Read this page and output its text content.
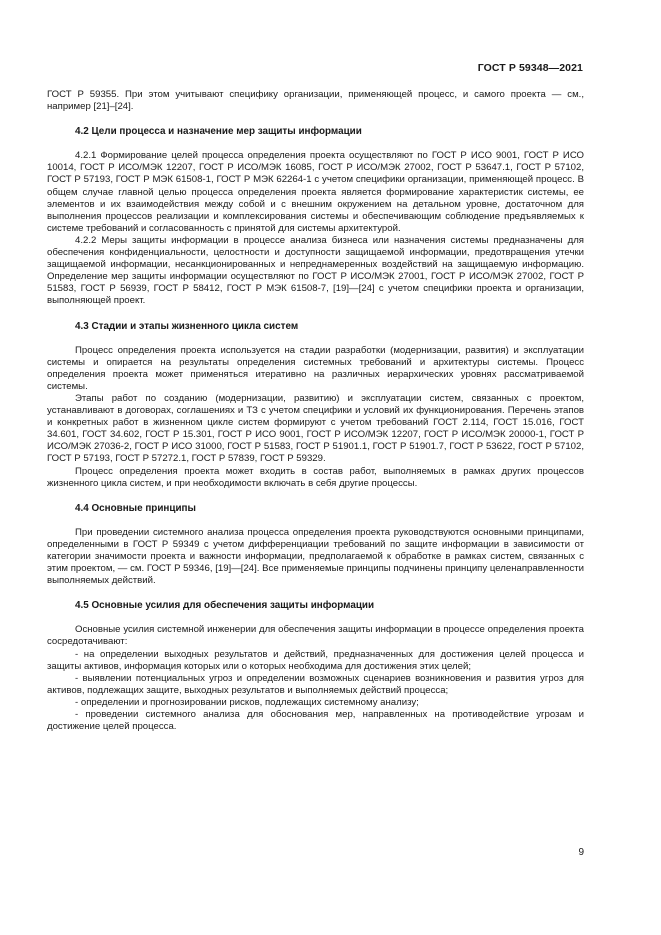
ГОСТ Р 59348—2021

ГОСТ Р 59355. При этом учитывают специфику организации, применяющей процесс, и самого проекта — см., например [21]–[24].

4.2 Цели процесса и назначение мер защиты информации

4.2.1 Формирование целей процесса определения проекта осуществляют по ГОСТ Р ИСО 9001, ГОСТ Р ИСО 10014, ГОСТ Р ИСО/МЭК 12207, ГОСТ Р ИСО/МЭК 16085, ГОСТ Р ИСО/МЭК 27002, ГОСТ Р 53647.1, ГОСТ Р 57102, ГОСТ Р 57193, ГОСТ Р МЭК 61508-1, ГОСТ Р МЭК 62264-1 с учетом специфики организации, применяющей процесс. В общем случае главной целью процесса определения проекта является формирование характеристик системы, ее элементов и их взаимодействия между собой и с внешним окружением на детальном уровне, достаточном для выполнения процессов реализации и комплексирования системы и обеспечивающим соблюдение предъявляемых к системе требований и согласованность с принятой для системы архитектурой.

4.2.2 Меры защиты информации в процессе анализа бизнеса или назначения системы предназначены для обеспечения конфиденциальности, целостности и доступности защищаемой информации, предотвращения утечки защищаемой информации, несанкционированных и непреднамеренных воздействий на защищаемую информацию. Определение мер защиты информации осуществляют по ГОСТ Р ИСО/МЭК 27001, ГОСТ Р ИСО/МЭК 27002, ГОСТ Р 51583, ГОСТ Р 56939, ГОСТ Р 58412, ГОСТ Р МЭК 61508-7, [19]—[24] с учетом специфики проекта и организации, выполняющей проект.

4.3 Стадии и этапы жизненного цикла систем

Процесс определения проекта используется на стадии разработки (модернизации, развития) и эксплуатации системы и опирается на результаты определения системных требований и архитектуры системы. Процесс определения проекта может применяться итеративно на различных иерархических уровнях рассматриваемой системы.

Этапы работ по созданию (модернизации, развитию) и эксплуатации систем, связанных с проектом, устанавливают в договорах, соглашениях и ТЗ с учетом специфики и условий их функционирования. Перечень этапов и конкретных работ в жизненном цикле систем формируют с учетом требований ГОСТ 2.114, ГОСТ 15.016, ГОСТ 34.601, ГОСТ 34.602, ГОСТ Р 15.301, ГОСТ Р ИСО 9001, ГОСТ Р ИСО/МЭК 12207, ГОСТ Р ИСО/МЭК 20000-1, ГОСТ Р ИСО/МЭК 27036-2, ГОСТ Р ИСО 31000, ГОСТ Р 51583, ГОСТ Р 51901.1, ГОСТ Р 51901.7, ГОСТ Р 53622, ГОСТ Р 57102, ГОСТ Р 57193, ГОСТ Р 57272.1, ГОСТ Р 57839, ГОСТ Р 59329.

Процесс определения проекта может входить в состав работ, выполняемых в рамках других процессов жизненного цикла систем, и при необходимости включать в себя другие процессы.

4.4 Основные принципы

При проведении системного анализа процесса определения проекта руководствуются основными принципами, определенными в ГОСТ Р 59349 с учетом дифференциации требований по защите информации в зависимости от категории значимости проекта и важности информации, предполагаемой к обработке в рамках систем, связанных с этим проектом, — см. ГОСТ Р 59346, [19]—[24]. Все применяемые принципы подчинены принципу целенаправленности выполняемых действий.

4.5 Основные усилия для обеспечения защиты информации

Основные усилия системной инженерии для обеспечения защиты информации в процессе определения проекта сосредотачивают:

- на определении выходных результатов и действий, предназначенных для достижения целей процесса и защиты активов, информация которых или о которых необходима для достижения этих целей;

- выявлении потенциальных угроз и определении возможных сценариев возникновения и развития угроз для активов, подлежащих защите, выходных результатов и выполняемых действий процесса;

- определении и прогнозировании рисков, подлежащих системному анализу;

- проведении системного анализа для обоснования мер, направленных на противодействие угрозам и достижение целей процесса.

9
